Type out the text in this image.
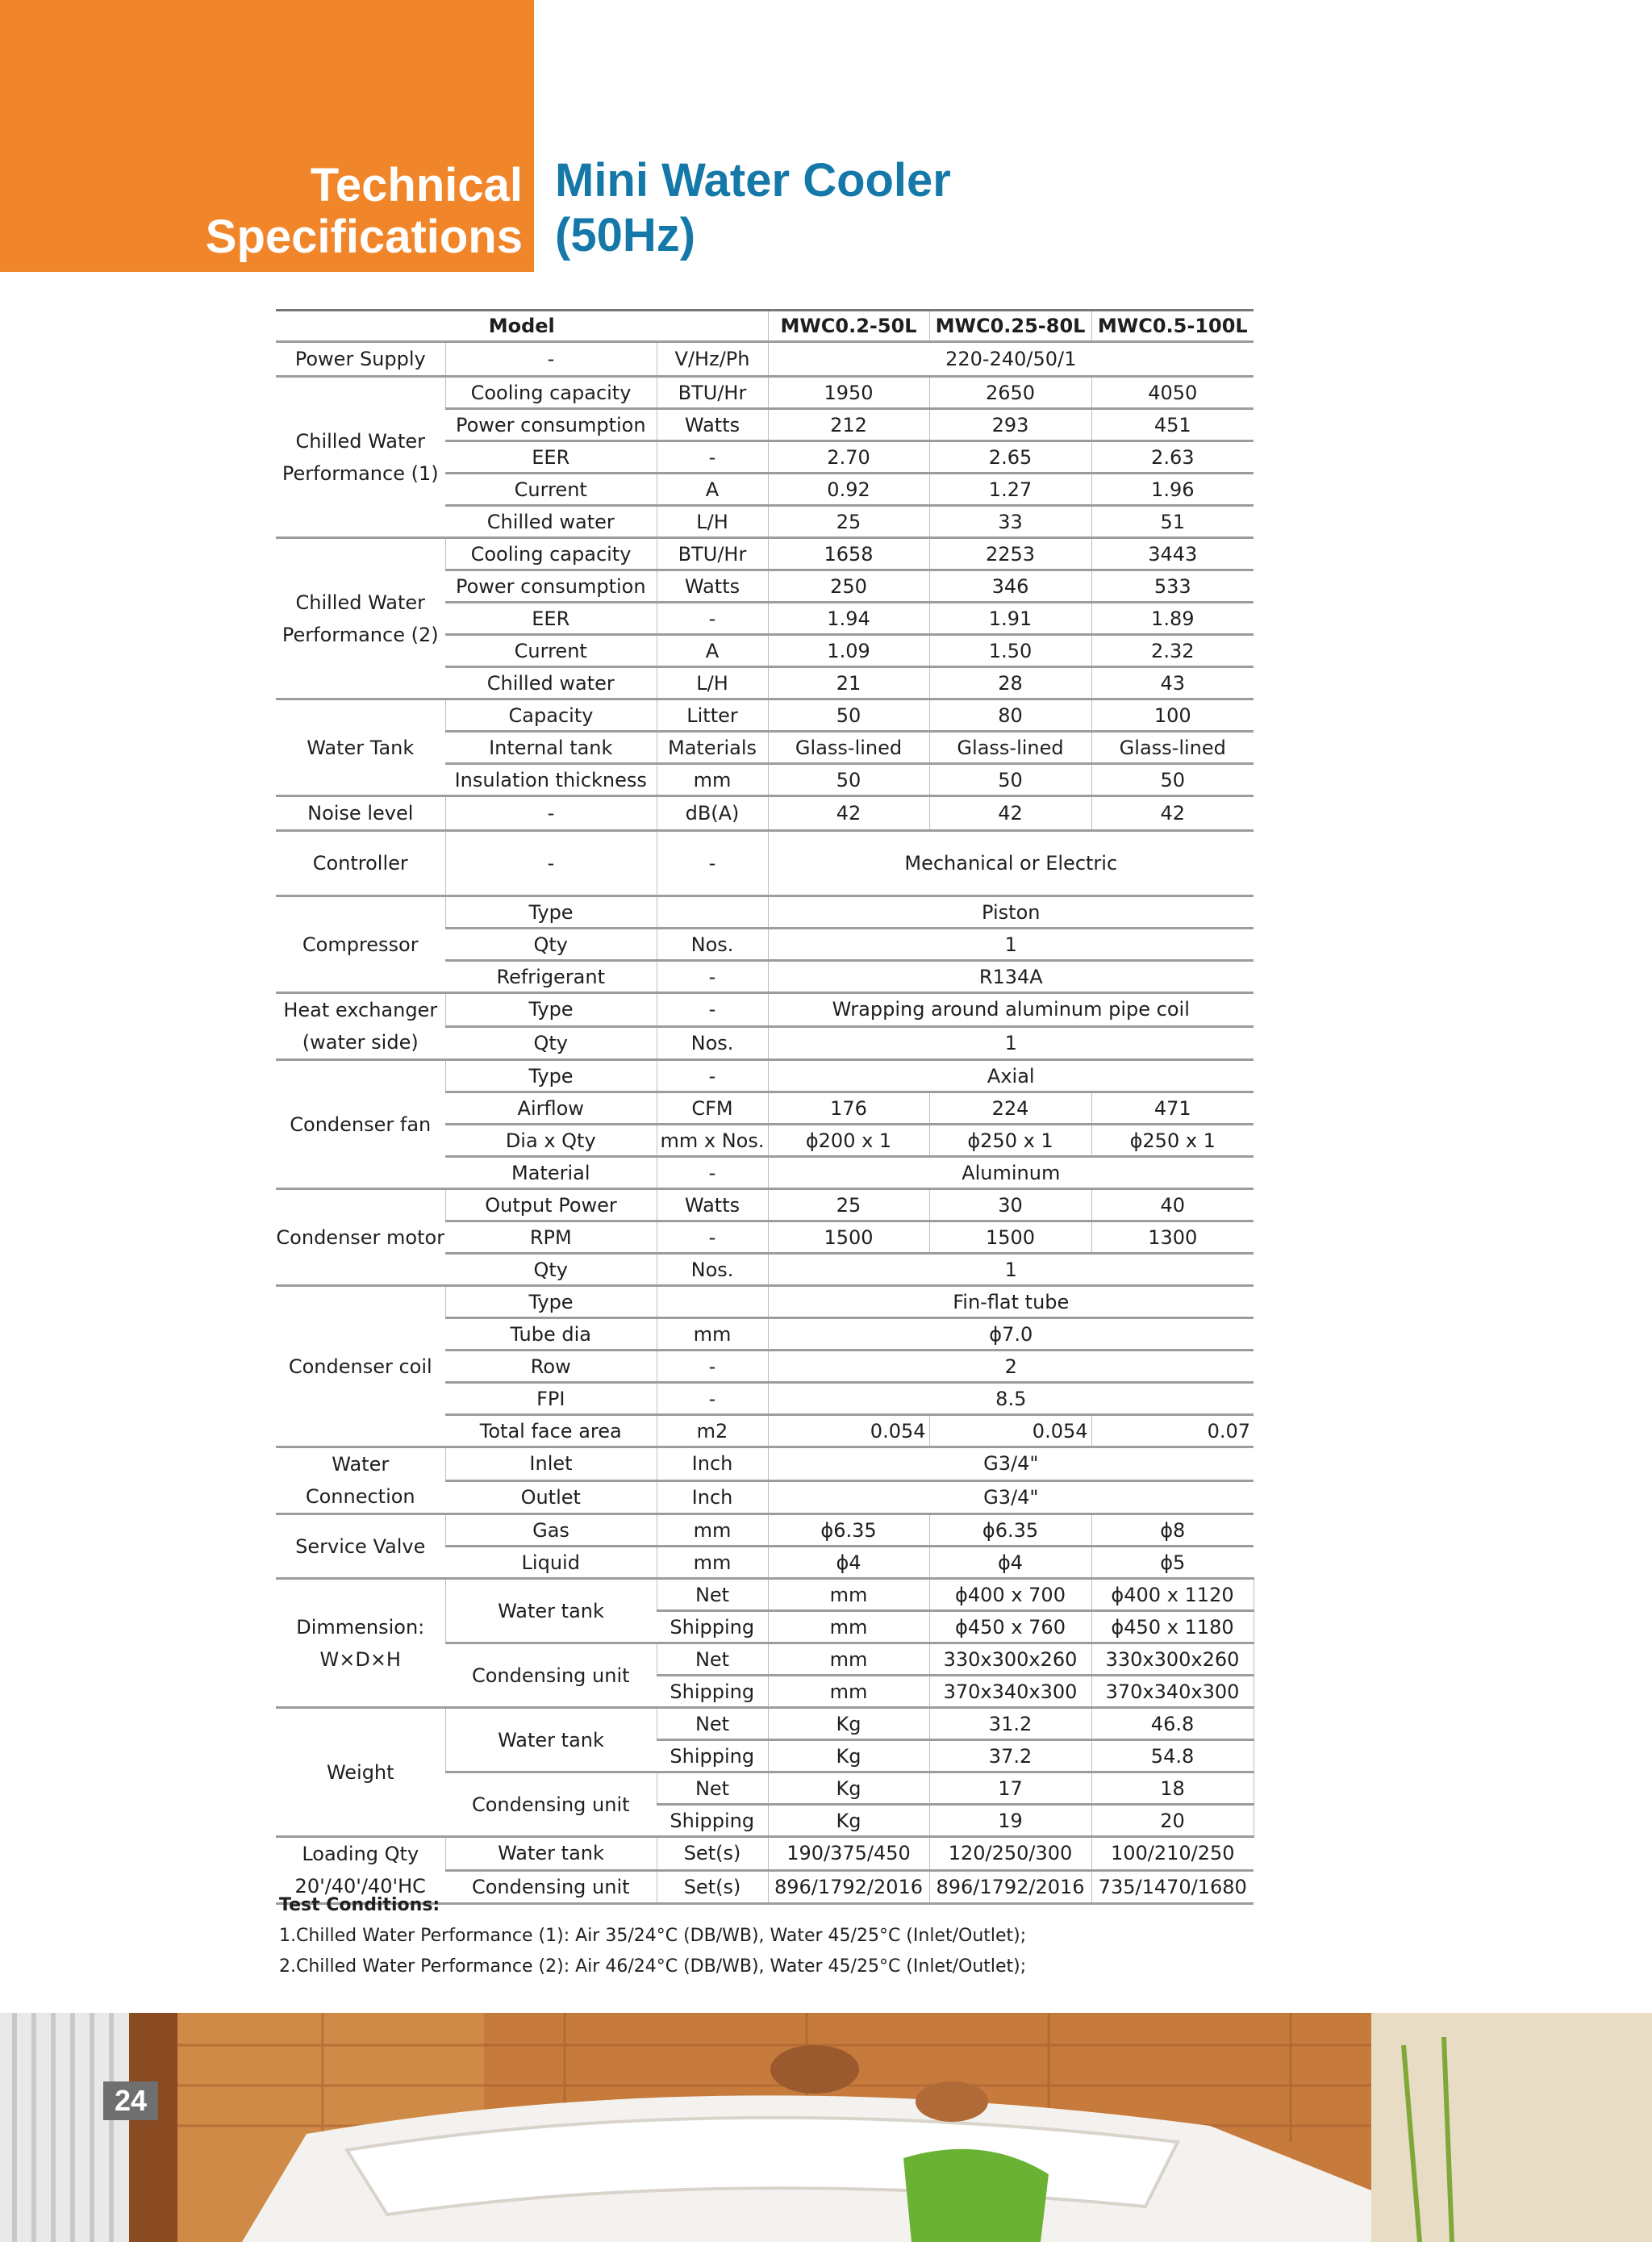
Technical
Specifications
Mini Water Cooler
(50Hz)
Model			MWC0.2-50L	MWC0.25-80L	MWC0.5-100L	
Power Supply	-	V/Hz/Ph	220-240/50/1			
Chilled Water Performance (1)	Cooling capacity	BTU/Hr	1950	2650	4050	
	Power consumption	Watts	212	293	451	
	EER	-	2.70	2.65	2.63	
	Current	A	0.92	1.27	1.96	
	Chilled water	L/H	25	33	51	
Chilled Water Performance (2)	Cooling capacity	BTU/Hr	1658	2253	3443	
	Power consumption	Watts	250	346	533	
	EER	-	1.94	1.91	1.89	
	Current	A	1.09	1.50	2.32	
	Chilled water	L/H	21	28	43	
Water Tank	Capacity	Litter	50	80	100	
	Internal tank	Materials	Glass-lined	Glass-lined	Glass-lined	
	Insulation thickness	mm	50	50	50	
Noise level	-	dB(A)	42	42	42	
Controller	-	-	Mechanical or Electric			
Compressor	Type		Piston			
	Qty	Nos.	1			
	Refrigerant	-	R134A			
Heat exchanger (water side)	Type	-	Wrapping around aluminum pipe coil			
	Qty	Nos.	1			
Condenser fan	Type	-	Axial			
	Airflow	CFM	176	224	471	
	Dia x Qty	mm x Nos.	ϕ200 x 1	ϕ250 x 1	ϕ250 x 1	
	Material	-	Aluminum			
Condenser motor	Output Power	Watts	25	30	40	
	RPM	-	1500	1500	1300	
	Qty	Nos.	1			
Condenser coil	Type		Fin-flat tube			
	Tube dia	mm	ϕ7.0			
	Row	-	2			
	FPI	-	8.5			
	Total face area	m2	0.054	0.054	0.07	
Water Connection	Inlet	Inch	G3/4"			
	Outlet	Inch	G3/4"			
Service Valve	Gas	mm	ϕ6.35	ϕ6.35	ϕ8	
	Liquid	mm	ϕ4	ϕ4	ϕ5	
Dimmension: W×D×H	Water tank	Net	mm	ϕ400 x 700	ϕ400 x 1120	
		Shipping	mm	ϕ450 x 760	ϕ450 x 1180	
	Condensing unit	Net	mm	330x300x260	330x300x260	
		Shipping	mm	370x340x300	370x340x300	
Weight	Water tank	Net	Kg	31.2	46.8	
		Shipping	Kg	37.2	54.8	
	Condensing unit	Net	Kg	17	18	
		Shipping	Kg	19	20	
Loading Qty 20'/40'/40'HC	Water tank	Set(s)	190/375/450	120/250/300	100/210/250	
	Condensing unit	Set(s)	896/1792/2016	896/1792/2016	735/1470/1680	
Test Conditions:
1.Chilled Water Performance (1): Air 35/24°C (DB/WB), Water 45/25°C (Inlet/Outlet);
2.Chilled Water Performance (2): Air 46/24°C (DB/WB), Water 45/25°C (Inlet/Outlet);
24
